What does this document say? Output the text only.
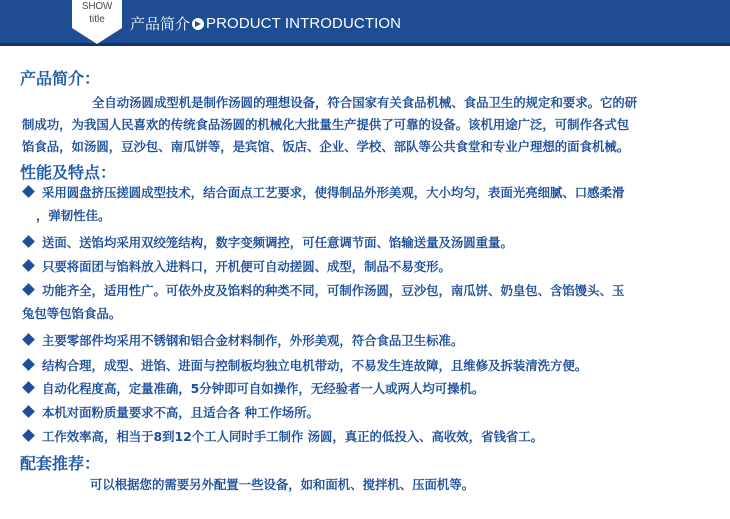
SHOW
title	产品简介 PRODUCT INTRODUCTION
产品简介：
全自动汤圆成型机是制作汤圆的理想设备，符合国家有关食品机械、食品卫生的规定和要求。它的研
制成功，为我国人民喜欢的传统食品汤圆的机械化大批量生产提供了可靠的设备。该机用途广泛，可制作各式包
馅食品，如汤圆，豆沙包、南瓜饼等，是宾馆、饭店、企业、学校、部队等公共食堂和专业户理想的面食机械。
性能及特点：
采用圆盘挤压搓圆成型技术，结合面点工艺要求，使得制品外形美观，大小均匀，表面光亮细腻、口感柔滑
，弹韧性佳。
送面、送馅均采用双绞笼结构，数字变频调控，可任意调节面、馅输送量及汤圆重量。
只要将面团与馅料放入进料口，开机便可自动搓圆、成型，制品不易变形。
功能齐全，适用性广。可依外皮及馅料的种类不同，可制作汤圆，豆沙包，南瓜饼、奶皇包、含馅馒头、玉
兔包等包馅食品。
主要零部件均采用不锈钢和铝合金材料制作，外形美观，符合食品卫生标准。
结构合理，成型、进馅、进面与控制板均独立电机带动，不易发生连故障，且维修及拆装清洗方便。
自动化程度高，定量准确，5分钟即可自如操作，无经验者一人或两人均可操机。
本机对面粉质量要求不高，且适合各 种工作场所。
工作效率高，相当于8到12个工人同时手工制作 汤圆，真正的低投入、高收效，省钱省工。
配套推荐：
可以根据您的需要另外配置一些设备，如和面机、搅拌机、压面机等。
